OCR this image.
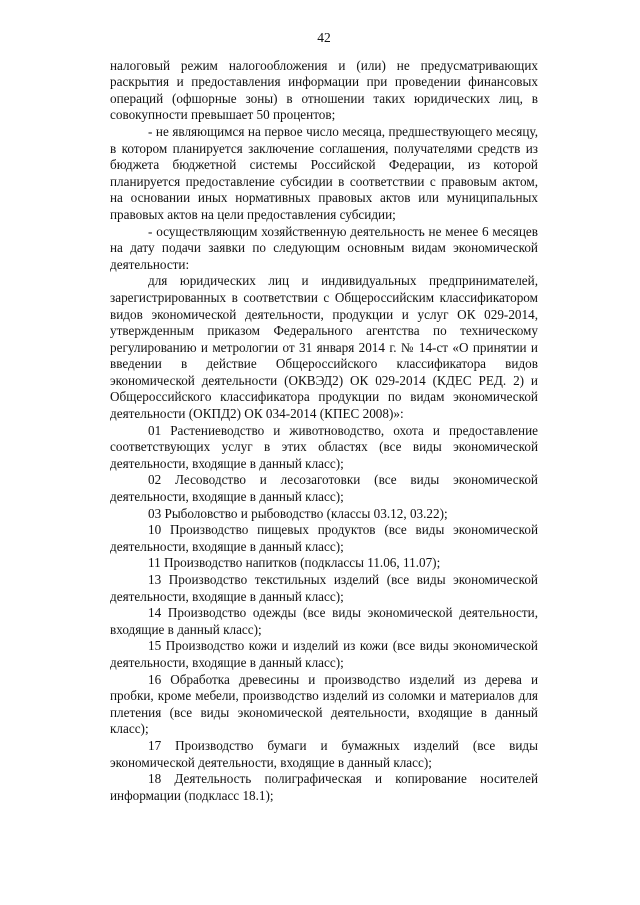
42

налоговый режим налогообложения и (или) не предусматривающих раскрытия и предоставления информации при проведении финансовых операций (офшорные зоны) в отношении таких юридических лиц, в совокупности превышает 50 процентов;

- не являющимся на первое число месяца, предшествующего месяцу, в котором планируется заключение соглашения, получателями средств из бюджета бюджетной системы Российской Федерации, из которой планируется предоставление субсидии в соответствии с правовым актом, на основании иных нормативных правовых актов или муниципальных правовых актов на цели предоставления субсидии;

- осуществляющим хозяйственную деятельность не менее 6 месяцев на дату подачи заявки по следующим основным видам экономической деятельности:

для юридических лиц и индивидуальных предпринимателей, зарегистрированных в соответствии с Общероссийским классификатором видов экономической деятельности, продукции и услуг ОК 029-2014, утвержденным приказом Федерального агентства по техническому регулированию и метрологии от 31 января 2014 г. № 14-ст «О принятии и введении в действие Общероссийского классификатора видов экономической деятельности (ОКВЭД2) ОК 029-2014 (КДЕС РЕД. 2) и Общероссийского классификатора продукции по видам экономической деятельности (ОКПД2) ОК 034-2014 (КПЕС 2008)»:

01 Растениеводство и животноводство, охота и предоставление соответствующих услуг в этих областях (все виды экономической деятельности, входящие в данный класс);

02 Лесоводство и лесозаготовки (все виды экономической деятельности, входящие в данный класс);

03 Рыболовство и рыбоводство (классы 03.12, 03.22);

10 Производство пищевых продуктов (все виды экономической деятельности, входящие в данный класс);

11 Производство напитков (подклассы 11.06, 11.07);

13 Производство текстильных изделий (все виды экономической деятельности, входящие в данный класс);

14 Производство одежды (все виды экономической деятельности, входящие в данный класс);

15 Производство кожи и изделий из кожи (все виды экономической деятельности, входящие в данный класс);

16 Обработка древесины и производство изделий из дерева и пробки, кроме мебели, производство изделий из соломки и материалов для плетения (все виды экономической деятельности, входящие в данный класс);

17 Производство бумаги и бумажных изделий (все виды экономической деятельности, входящие в данный класс);

18 Деятельность полиграфическая и копирование носителей информации (подкласс 18.1);
